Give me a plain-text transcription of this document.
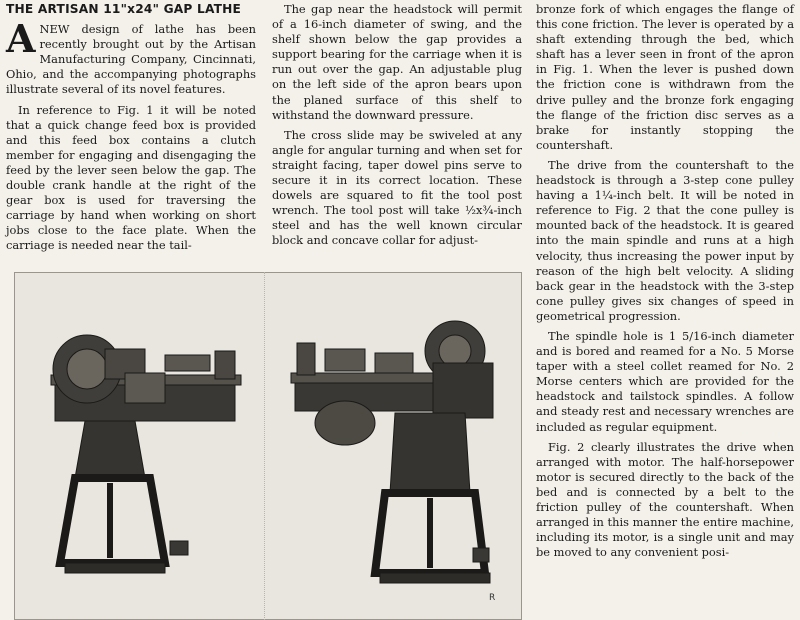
THE ARTISAN 11"x24" GAP LATHE

ANEW design of lathe has been recently brought out by the Artisan Manufacturing Company, Cincinnati, Ohio, and the accompanying photographs illustrate several of its novel features.

In reference to Fig. 1 it will be noted that a quick change feed box is provided and this feed box contains a clutch member for engaging and disengaging the feed by the lever seen below the gap. The double crank handle at the right of the gear box is used for traversing the carriage by hand when working on short jobs close to the face plate. When the carriage is needed near the tail-

The gap near the headstock will permit of a 16-inch diameter of swing, and the shelf shown below the gap provides a support bearing for the carriage when it is run out over the gap. An adjustable plug on the left side of the apron bears upon the planed surface of this shelf to withstand the downward pressure.

The cross slide may be swiveled at any angle for angular turning and when set for straight facing, taper dowel pins serve to secure it in its correct location. These dowels are squared to fit the tool post wrench. The tool post will take ½x¾-inch steel and has the well known circular block and concave collar for adjust-

bronze fork of which engages the flange of this cone friction. The lever is operated by a shaft extending through the bed, which shaft has a lever seen in front of the apron in Fig. 1. When the lever is pushed down the friction cone is withdrawn from the drive pulley and the bronze fork engaging the flange of the friction disc serves as a brake for instantly stopping the countershaft.

The drive from the countershaft to the headstock is through a 3-step cone pulley having a 1¼-inch belt. It will be noted in reference to Fig. 2 that the cone pulley is mounted back of the headstock. It is geared into the main spindle and runs at a high velocity, thus increasing the power input by reason of the high belt velocity. A sliding back gear in the headstock with the 3-step cone pulley gives six changes of speed in geometrical progression.

The spindle hole is 1 5/16-inch diameter and is bored and reamed for a No. 5 Morse taper with a steel collet reamed for No. 2 Morse centers which are provided for the headstock and tailstock spindles. A follow and steady rest and necessary wrenches are included as regular equipment.

Fig. 2 clearly illustrates the drive when arranged with motor. The half-horsepower motor is secured directly to the back of the bed and is connected by a belt to the friction pulley of the countershaft. When arranged in this manner the entire machine, including its motor, is a single unit and may be moved to any convenient posi-

R
